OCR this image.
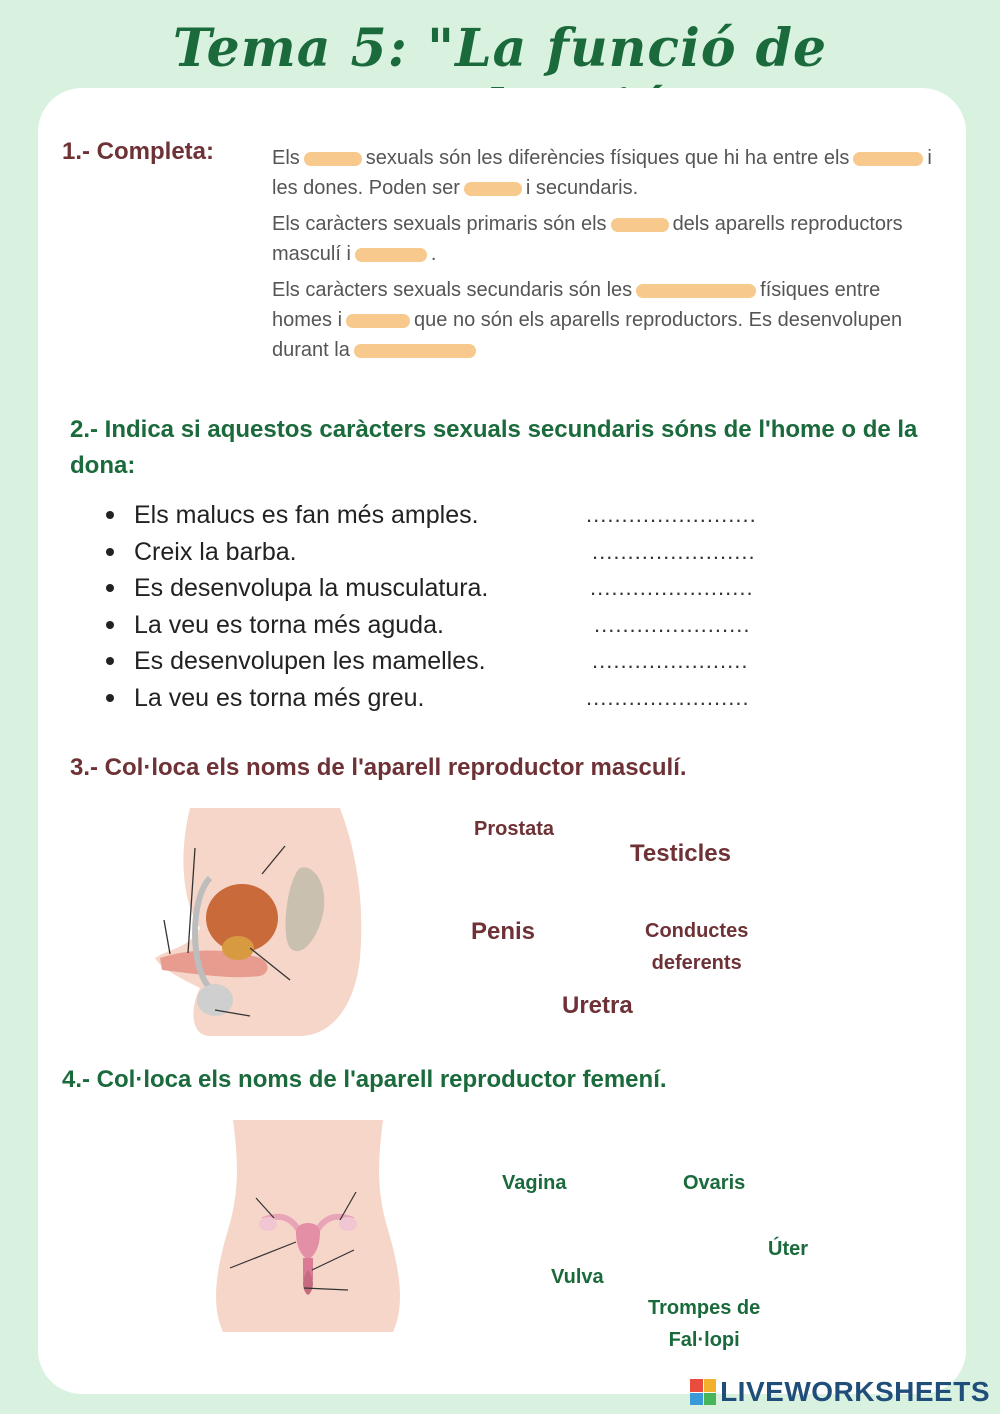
Tema 5: "La funció de
1.- Completa:	Els	sexuals són les diferències físiques que hi ha entre els	i les dones. Poden ser	i secundaris.

Els caràcters sexuals primaris són els	dels aparells reproductors masculí i	.

Els caràcters sexuals secundaris són les	físiques entre homes i	que no són els aparells reproductors. Es desenvolupen durant la

2.- Indica si aquestos caràcters sexuals secundaris sóns de l'home o de la dona:
Els malucs es fan més amples.	........................
Creix la barba.	.......................
Es desenvolupa la musculatura.	.......................
La veu es torna més aguda.	......................
Es desenvolupen les mamelles.	......................
La veu es torna més greu.	.......................
3.- Col·loca els noms de l'aparell reproductor masculí.
Prostata
Testicles
Penis	Conductes
deferents
Uretra
4.- Col·loca els noms de l'aparell reproductor femení.
Vagina	Ovaris
Úter
Vulva
Trompes de
Fal·lopi
LIVEWORKSHEETS
